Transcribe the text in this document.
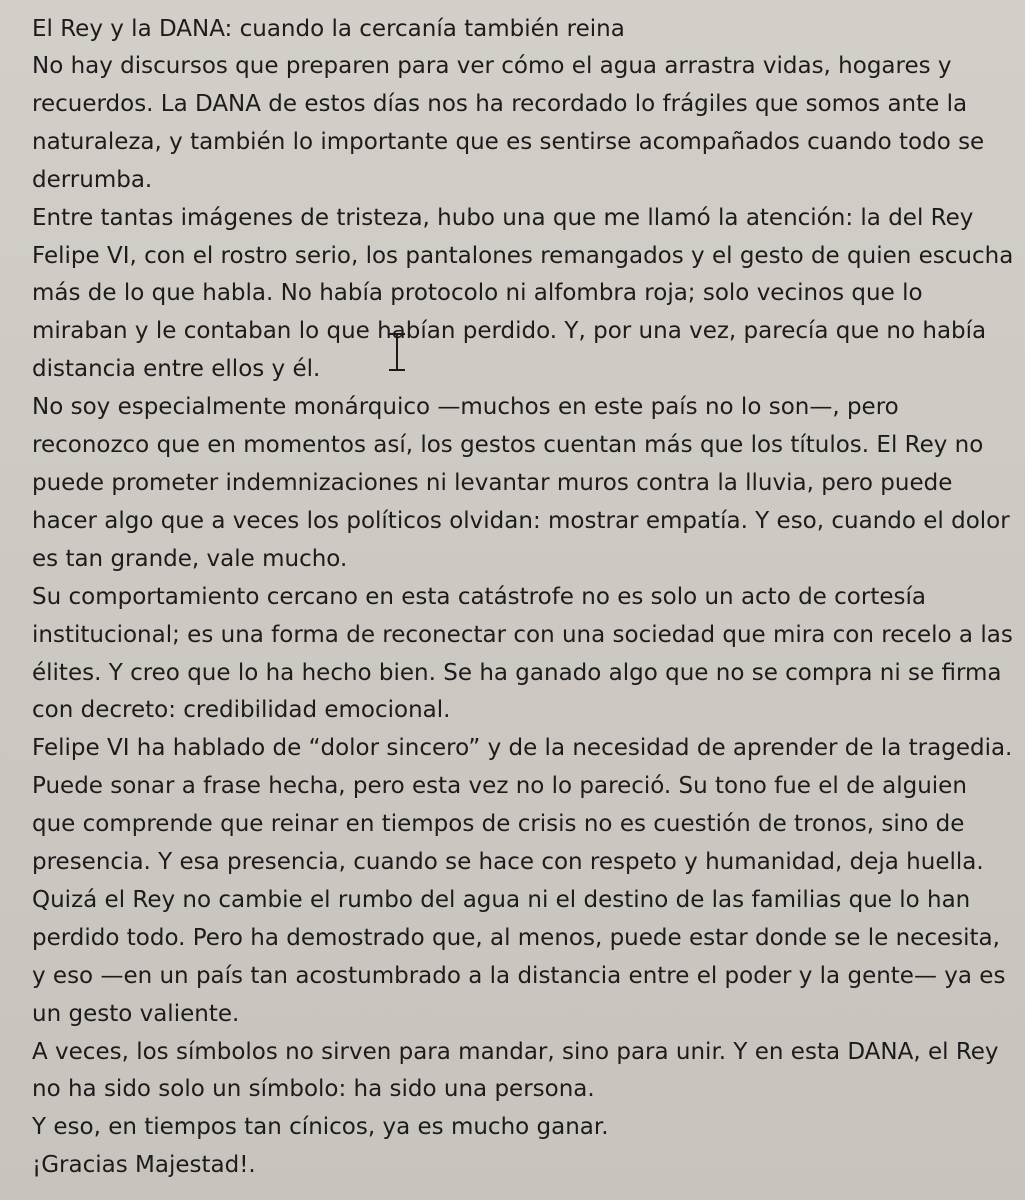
El Rey y la DANA: cuando la cercanía también reina
No hay discursos que preparen para ver cómo el agua arrastra vidas, hogares y
recuerdos. La DANA de estos días nos ha recordado lo frágiles que somos ante la
naturaleza, y también lo importante que es sentirse acompañados cuando todo se
derrumba.
Entre tantas imágenes de tristeza, hubo una que me llamó la atención: la del Rey
Felipe VI, con el rostro serio, los pantalones remangados y el gesto de quien escucha
más de lo que habla. No había protocolo ni alfombra roja; solo vecinos que lo
miraban y le contaban lo que habían perdido. Y, por una vez, parecía que no había
distancia entre ellos y él.
No soy especialmente monárquico —muchos en este país no lo son—, pero
reconozco que en momentos así, los gestos cuentan más que los títulos. El Rey no
puede prometer indemnizaciones ni levantar muros contra la lluvia, pero puede
hacer algo que a veces los políticos olvidan: mostrar empatía. Y eso, cuando el dolor
es tan grande, vale mucho.
Su comportamiento cercano en esta catástrofe no es solo un acto de cortesía
institucional; es una forma de reconectar con una sociedad que mira con recelo a las
élites. Y creo que lo ha hecho bien. Se ha ganado algo que no se compra ni se firma
con decreto: credibilidad emocional.
Felipe VI ha hablado de “dolor sincero” y de la necesidad de aprender de la tragedia.
Puede sonar a frase hecha, pero esta vez no lo pareció. Su tono fue el de alguien
que comprende que reinar en tiempos de crisis no es cuestión de tronos, sino de
presencia. Y esa presencia, cuando se hace con respeto y humanidad, deja huella.
Quizá el Rey no cambie el rumbo del agua ni el destino de las familias que lo han
perdido todo. Pero ha demostrado que, al menos, puede estar donde se le necesita,
y eso —en un país tan acostumbrado a la distancia entre el poder y la gente— ya es
un gesto valiente.
A veces, los símbolos no sirven para mandar, sino para unir. Y en esta DANA, el Rey
no ha sido solo un símbolo: ha sido una persona.
Y eso, en tiempos tan cínicos, ya es mucho ganar.
¡Gracias Majestad!.
